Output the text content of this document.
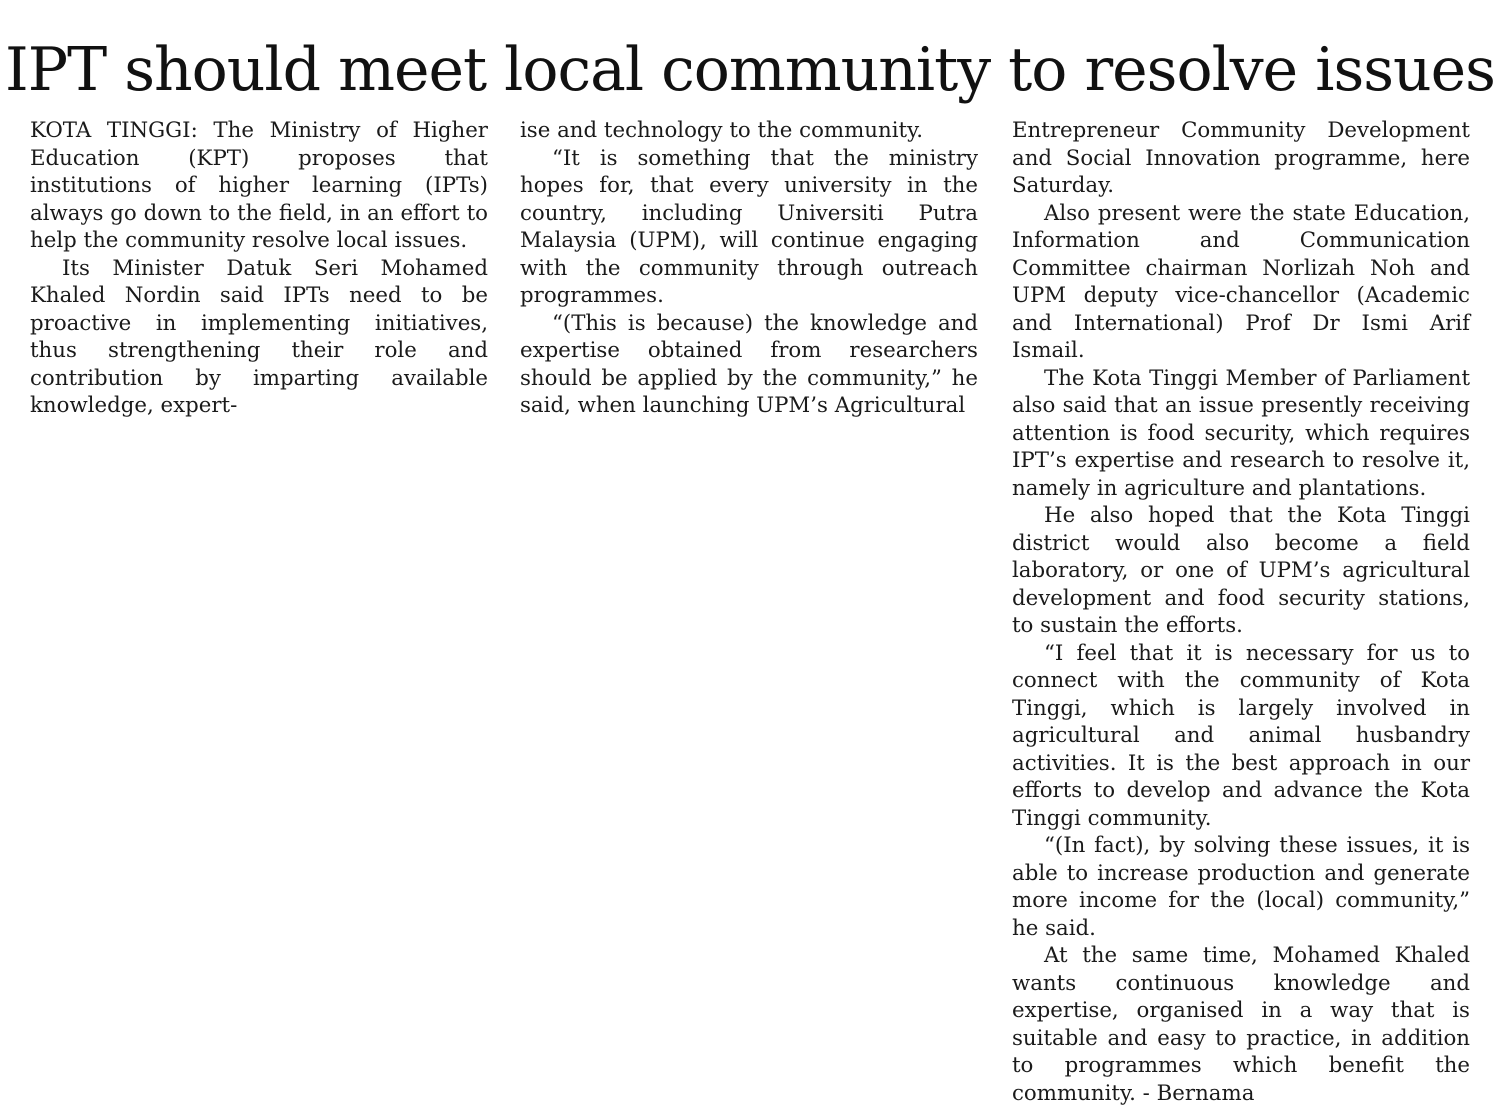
IPT should meet local community to resolve issues

KOTA TINGGI: The Ministry of Higher Education (KPT) proposes that institutions of higher learning (IPTs) always go down to the field, in an effort to help the community resolve local issues.

Its Minister Datuk Seri Mohamed Khaled Nordin said IPTs need to be proactive in implementing initiatives, thus strengthening their role and contribution by imparting available knowledge, expert-

ise and technology to the community.

“It is something that the ministry hopes for, that every university in the country, including Universiti Putra Malaysia (UPM), will continue engaging with the community through outreach programmes.

“(This is because) the knowledge and expertise obtained from researchers should be applied by the community,” he said, when launching UPM’s Agricultural

Entrepreneur Community Development and Social Innovation programme, here Saturday.

Also present were the state Education, Information and Communication Committee chairman Norlizah Noh and UPM deputy vice-chancellor (Academic and International) Prof Dr Ismi Arif Ismail.

The Kota Tinggi Member of Parliament also said that an issue presently receiving attention is food security, which requires IPT’s expertise and research to resolve it, namely in agriculture and plantations.

He also hoped that the Kota Tinggi district would also become a field laboratory, or one of UPM’s agricultural development and food security stations, to sustain the efforts.

“I feel that it is necessary for us to connect with the community of Kota Tinggi, which is largely involved in agricultural and animal husbandry activities. It is the best approach in our efforts to develop and advance the Kota Tinggi community.

“(In fact), by solving these issues, it is able to increase production and generate more income for the (local) community,” he said.

At the same time, Mohamed Khaled wants continuous knowledge and expertise, organised in a way that is suitable and easy to practice, in addition to programmes which benefit the community. - Bernama
